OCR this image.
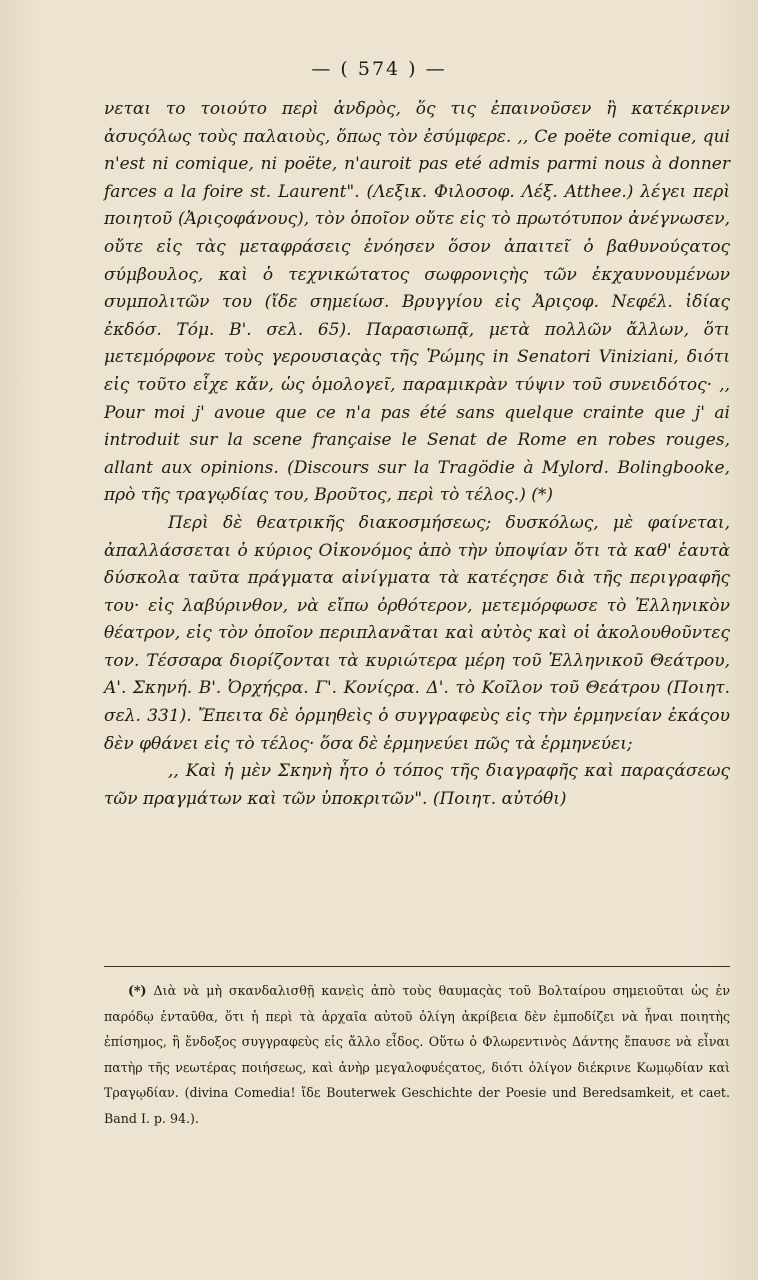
— ( 574 ) —

νεται το τοιούτο περὶ ἀνδρὸς, ὅς τις ἐπαινοῦσεν ἢ κατέκρινεν ἀσυςόλως τοὺς παλαιοὺς, ὅπως τὸν ἐσύμφερε. ,, Ce poëte comique, qui n'est ni comique, ni poëte, n'auroit pas eté admis parmi nous à donner farces a la foire st. Laurent". (Λεξικ. Φιλοσοφ. Λέξ. Atthee.) λέγει περὶ ποιητοῦ (Ἀριςοφάνους), τὸν ὁποῖον οὔτε εἰς τὸ πρωτότυπον ἀνέγνωσεν, οὔτε εἰς τὰς μεταφράσεις ἐνόησεν ὅσον ἀπαιτεῖ ὁ βαθυνούςατος σύμβουλος, καὶ ὁ τεχνικώτατος σωφρονιςὴς τῶν ἐκχαυνουμένων συμπολιτῶν του (ἴδε σημείωσ. Βρυγγίου εἰς Ἀριςοφ. Νεφέλ. ἰδίας ἐκδόσ. Τόμ. Β'. σελ. 65). Παρασιωπᾷ, μετὰ πολλῶν ἄλλων, ὅτι μετεμόρφονε τοὺς γερουσιαςὰς τῆς Ῥώμης in Senatori Viniziani, διότι εἰς τοῦτο εἶχε κἄν, ὡς ὁμολογεῖ, παραμικρὰν τύψιν τοῦ συνειδότος· ,, Pour moi j' avoue que ce n'a pas été sans quelque crainte que j' ai introduit sur la scene française le Senat de Rome en robes rouges, allant aux opinions. (Discours sur la Tragödie à Mylord. Bolingbooke, πρὸ τῆς τραγῳδίας του, Βροῦτος, περὶ τὸ τέλος.) (*)

Περὶ δὲ θεατρικῆς διακοσμήσεως; δυσκόλως, μὲ φαίνεται, ἀπαλλάσσεται ὁ κύριος Οἰκονόμος ἀπὸ τὴν ὑποψίαν ὅτι τὰ καθ' ἑαυτὰ δύσκολα ταῦτα πράγματα αἰνίγματα τὰ κατέςησε διὰ τῆς περιγραφῆς του· εἰς λαβύρινθον, νὰ εἴπω ὀρθότερον, μετεμόρφωσε τὸ Ἑλληνικὸν θέατρον, εἰς τὸν ὁποῖον περιπλανᾶται καὶ αὐτὸς καὶ οἱ ἀκολουθοῦντες τον. Τέσσαρα διορίζονται τὰ κυριώτερα μέρη τοῦ Ἑλληνικοῦ Θεάτρου, Α'. Σκηνή. Β'. Ὀρχήςρα. Γ'. Κονίςρα. Δ'. τὸ Κοῖλον τοῦ Θεάτρου (Ποιητ. σελ. 331). Ἔπειτα δὲ ὁρμηθεὶς ὁ συγγραφεὺς εἰς τὴν ἑρμηνείαν ἑκάςου δὲν φθάνει εἰς τὸ τέλος· ὅσα δὲ ἑρμηνεύει πῶς τὰ ἑρμηνεύει;

,, Καὶ ἡ μὲν Σκηνὴ ἦτο ὁ τόπος τῆς διαγραφῆς καὶ παραςάσεως τῶν πραγμάτων καὶ τῶν ὑποκριτῶν". (Ποιητ. αὐτόθι)

(*) Διὰ νὰ μὴ σκανδαλισθῇ κανεὶς ἀπὸ τοὺς θαυμαςὰς τοῦ Βολταίρου σημειοῦται ὡς ἐν παρόδῳ ἐνταῦθα, ὅτι ἡ περὶ τὰ ἀρχαῖα αὐτοῦ ὀλίγη ἀκρίβεια δὲν ἐμποδίζει νὰ ἦναι ποιητὴς ἐπίσημος, ἢ ἔνδοξος συγγραφεὺς εἰς ἄλλο εἶδος. Οὕτω ὁ Φλωρεντινὸς Δάντης ἔπαυσε νὰ εἶναι πατὴρ τῆς νεωτέρας ποιήσεως, καὶ ἀνὴρ μεγαλοφυέςατος, διότι ὀλίγον διέκρινε Κωμῳδίαν καὶ Τραγῳδίαν. (divina Comedia! ἴδε Bouterwek Geschichte der Poesie und Beredsamkeit, et caet. Band I. p. 94.).
